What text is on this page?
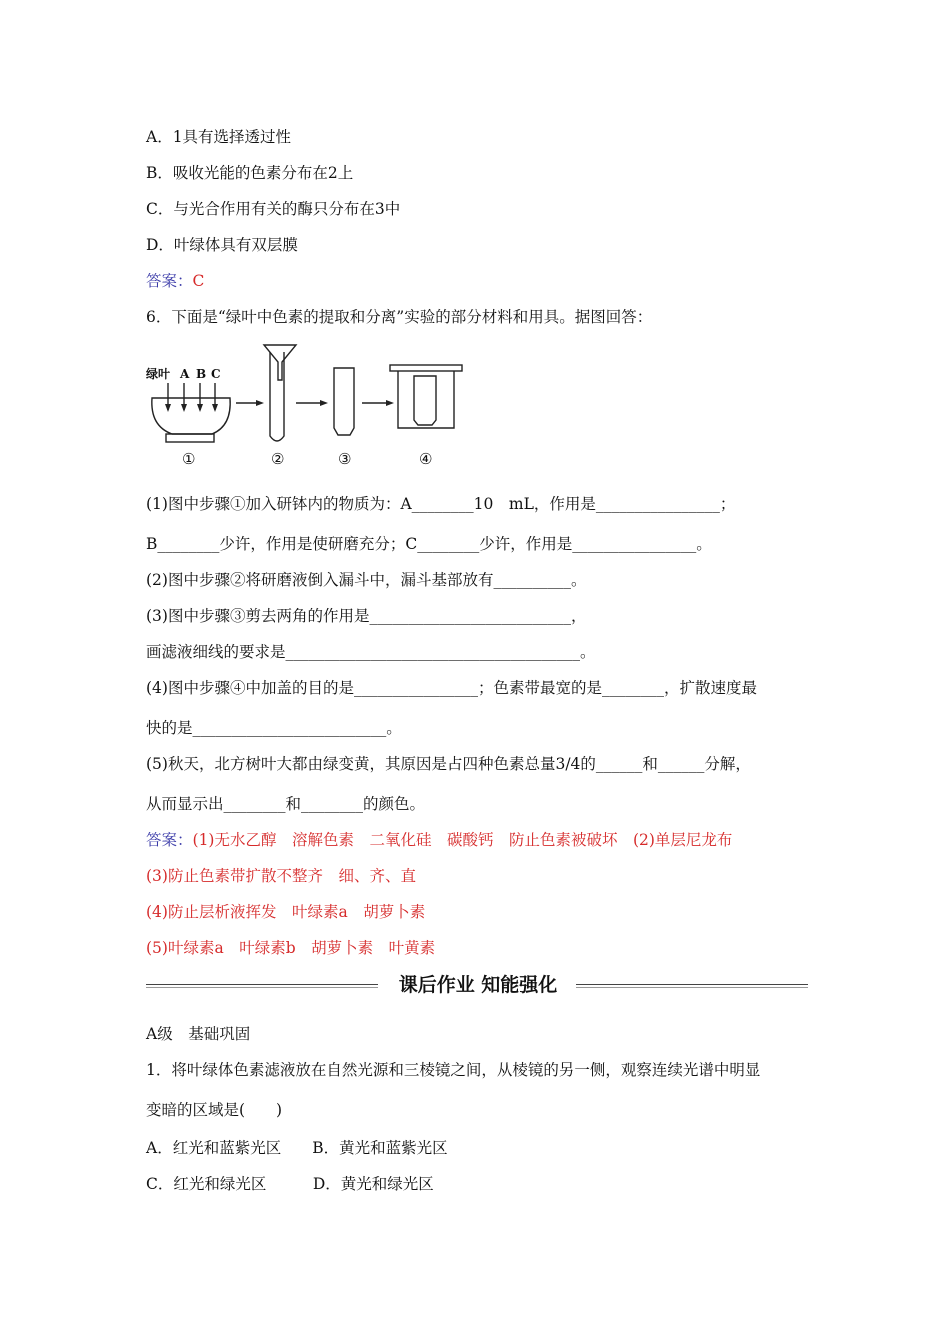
A．1具有选择透过性
B．吸收光能的色素分布在2上
C．与光合作用有关的酶只分布在3中
D．叶绿体具有双层膜
答案：C
6．下面是“绿叶中色素的提取和分离”实验的部分材料和用具。据图回答：
绿叶 A B C
①	②	③	④
(1)图中步骤①加入研钵内的物质为：A________10　mL，作用是________________；
B________少许，作用是使研磨充分；C________少许，作用是________________。
(2)图中步骤②将研磨液倒入漏斗中，漏斗基部放有__________。
(3)图中步骤③剪去两角的作用是__________________________，
画滤液细线的要求是______________________________________。
(4)图中步骤④中加盖的目的是________________；色素带最宽的是________，扩散速度最
快的是_________________________。
(5)秋天，北方树叶大都由绿变黄，其原因是占四种色素总量3/4的______和______分解，
从而显示出________和________的颜色。
答案：(1)无水乙醇　溶解色素　二氧化硅　碳酸钙　防止色素被破坏　(2)单层尼龙布
(3)防止色素带扩散不整齐　细、齐、直
(4)防止层析液挥发　叶绿素a　胡萝卜素
(5)叶绿素a　叶绿素b　胡萝卜素　叶黄素
课后作业 知能强化
A级　基础巩固
1．将叶绿体色素滤液放在自然光源和三棱镜之间，从棱镜的另一侧，观察连续光谱中明显
变暗的区域是(　　)
A．红光和蓝紫光区　　B．黄光和蓝紫光区
C．红光和绿光区　　　D．黄光和绿光区
